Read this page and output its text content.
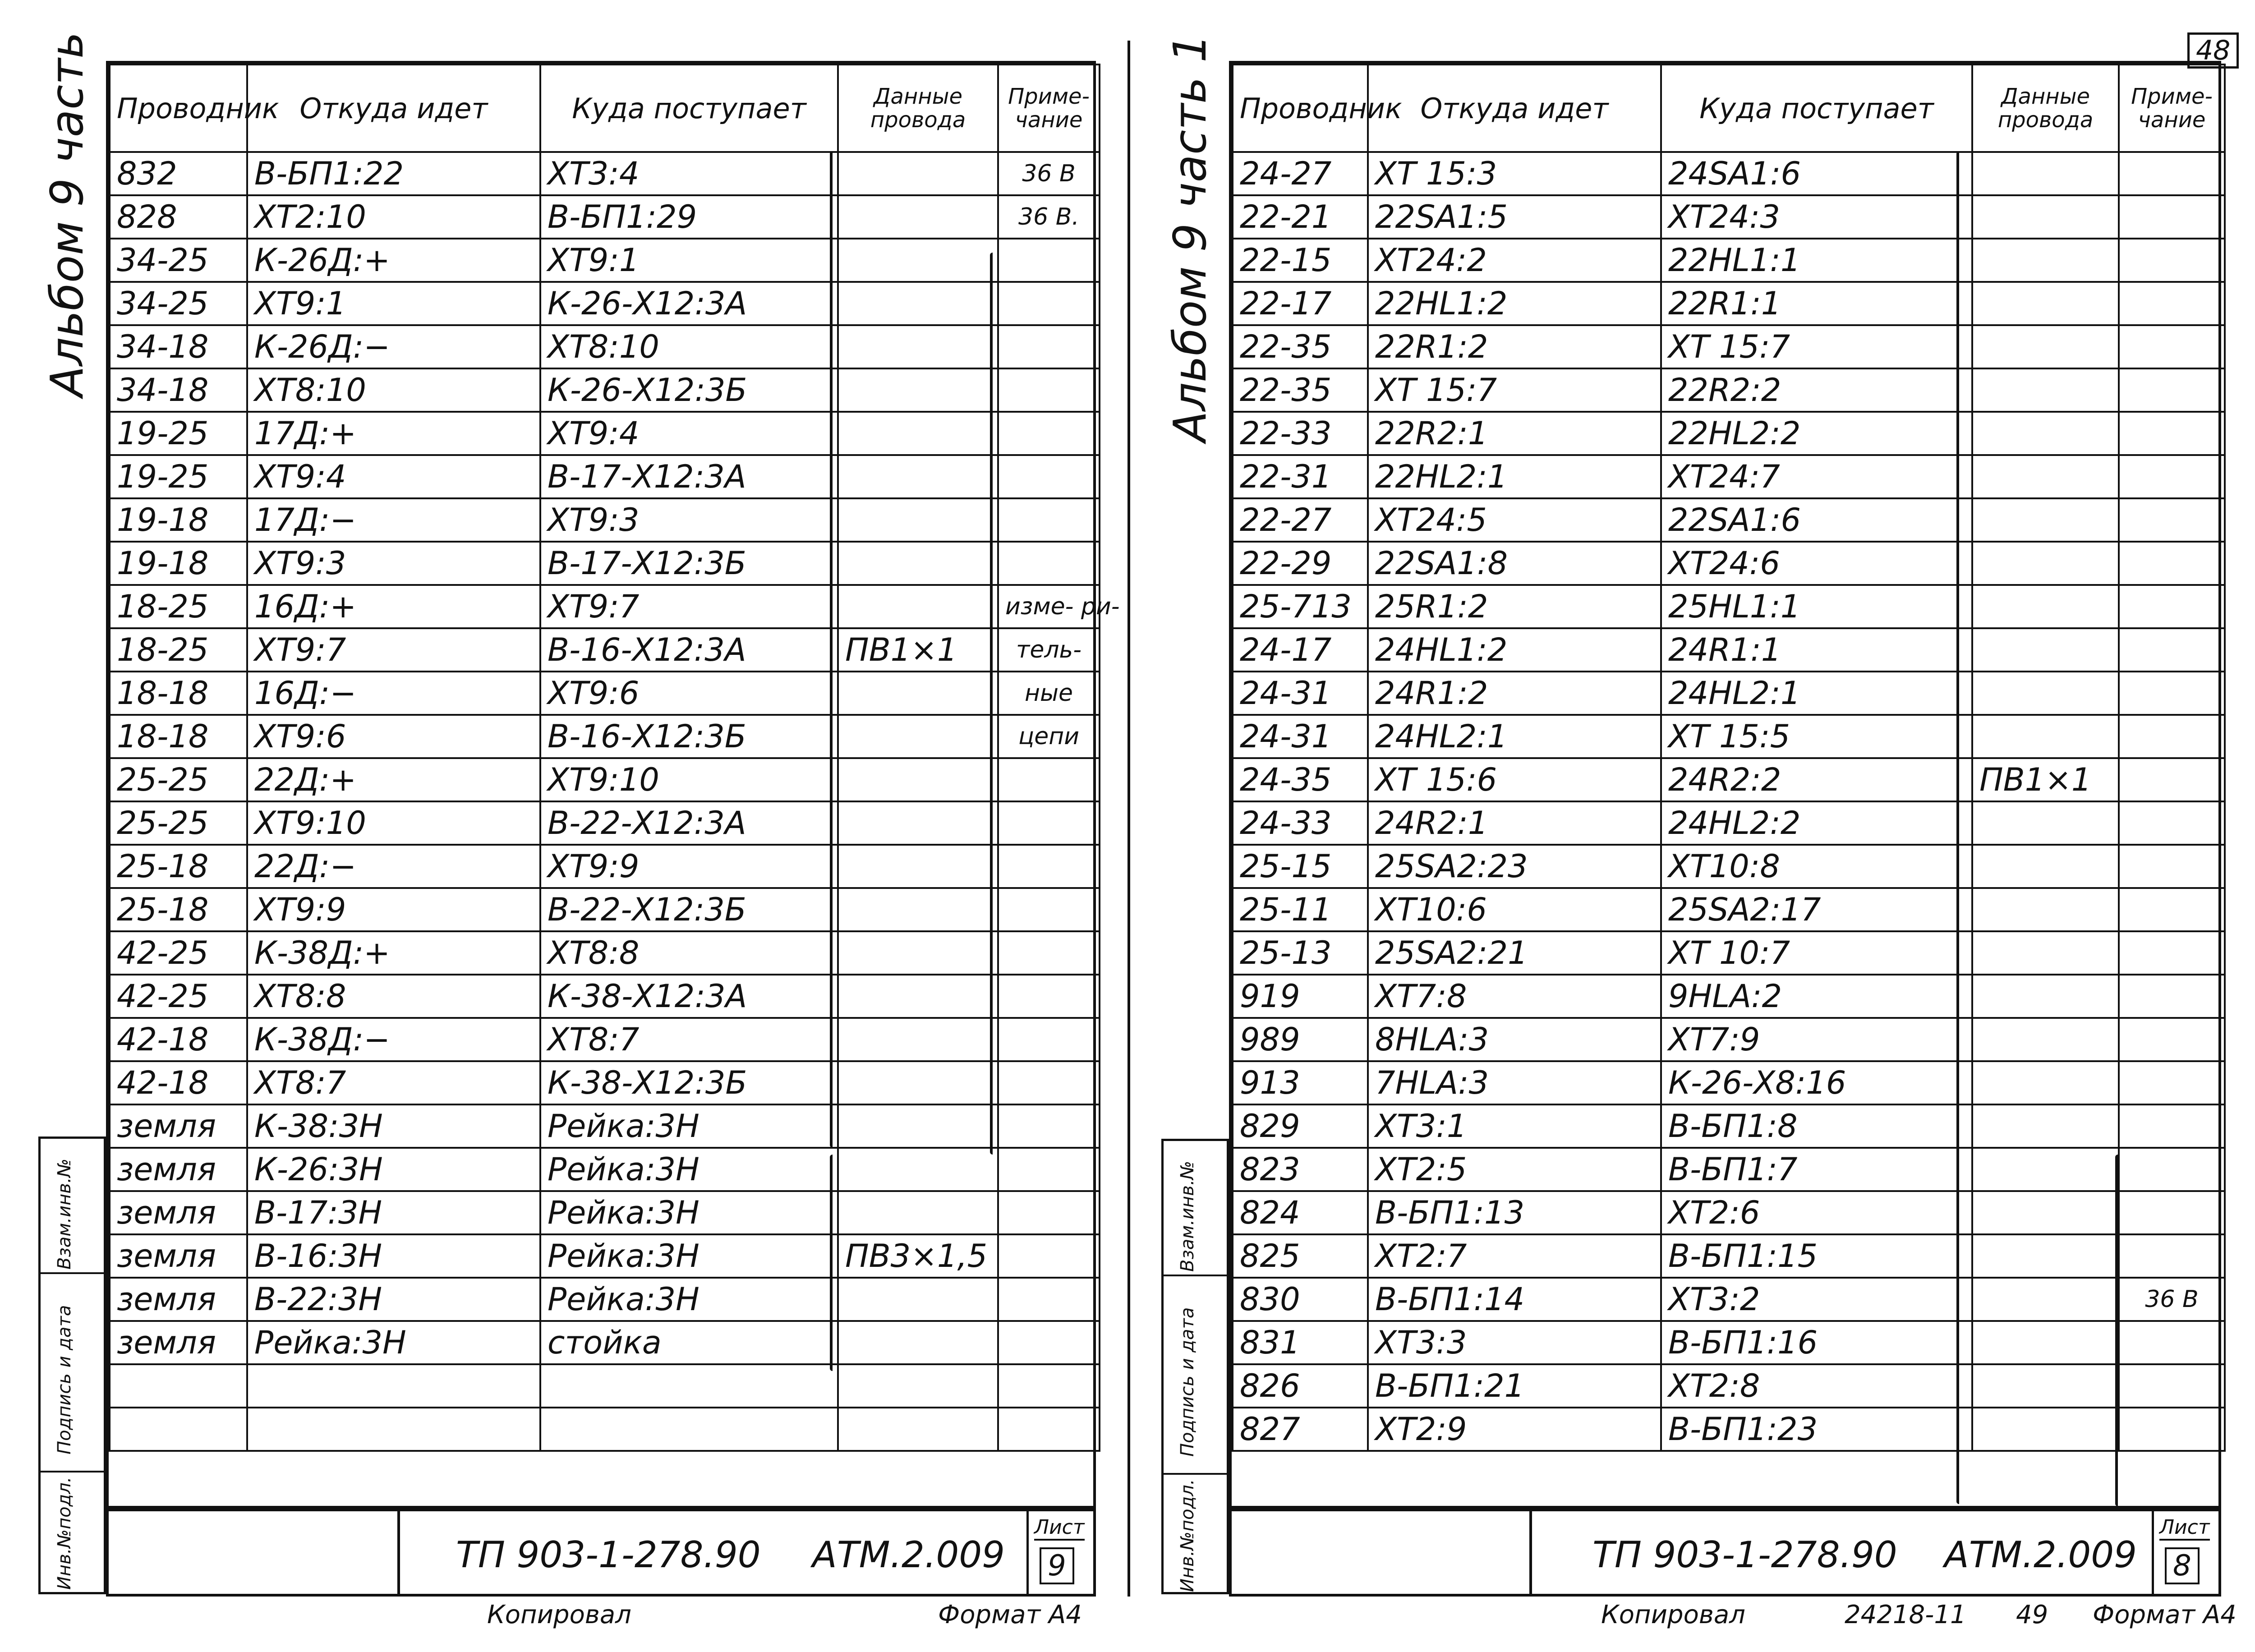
48
Альбом 9 часть
Взам.инв.№
Подпись и дата
Инв.№подл.
Проводник	Откуда идет	Куда поступает	Данные провода	Приме- чание
832	В-БП1:22	ХТ3:4		36 В
828	ХТ2:10	В-БП1:29		36 В.
34-25	К-26Д:+	ХТ9:1		
34-25	ХТ9:1	К-26-Х12:3А		
34-18	К-26Д:−	ХТ8:10		
34-18	ХТ8:10	К-26-Х12:3Б		
19-25	17Д:+	ХТ9:4		
19-25	ХТ9:4	В-17-Х12:3А		
19-18	17Д:−	ХТ9:3		
19-18	ХТ9:3	В-17-Х12:3Б		
18-25	16Д:+	ХТ9:7		изме- ри-
18-25	ХТ9:7	В-16-Х12:3А	ПВ1×1	тель-
18-18	16Д:−	ХТ9:6		ные
18-18	ХТ9:6	В-16-Х12:3Б		цепи
25-25	22Д:+	ХТ9:10		
25-25	ХТ9:10	В-22-Х12:3А		
25-18	22Д:−	ХТ9:9		
25-18	ХТ9:9	В-22-Х12:3Б		
42-25	К-38Д:+	ХТ8:8		
42-25	ХТ8:8	К-38-Х12:3А		
42-18	К-38Д:−	ХТ8:7		
42-18	ХТ8:7	К-38-Х12:3Б		
земля	К-38:3Н	Рейка:3Н		
земля	К-26:3Н	Рейка:3Н		
земля	В-17:3Н	Рейка:3Н		
земля	В-16:3Н	Рейка:3Н	ПВ3×1,5	
земля	В-22:3Н	Рейка:3Н		
земля	Рейка:3Н	стойка		

ТП 903-1-278.90 АТМ.2.009
Лист
9
Копировал	Формат А4
Альбом 9 часть 1
Взам.инв.№
Подпись и дата
Инв.№подл.
Проводник	Откуда идет	Куда поступает	Данные провода	Приме- чание
24-27	ХТ 15:3	24SА1:6		
22-21	22SА1:5	ХТ24:3		
22-15	ХТ24:2	22НL1:1		
22-17	22НL1:2	22R1:1		
22-35	22R1:2	ХТ 15:7		
22-35	ХТ 15:7	22R2:2		
22-33	22R2:1	22НL2:2		
22-31	22НL2:1	ХТ24:7		
22-27	ХТ24:5	22SА1:6		
22-29	22SА1:8	ХТ24:6		
25-713	25R1:2	25НL1:1		
24-17	24НL1:2	24R1:1		
24-31	24R1:2	24НL2:1		
24-31	24НL2:1	ХТ 15:5		
24-35	ХТ 15:6	24R2:2	ПВ1×1	
24-33	24R2:1	24НL2:2		
25-15	25SА2:23	ХТ10:8		
25-11	ХТ10:6	25SА2:17		
25-13	25SА2:21	ХТ 10:7		
919	ХТ7:8	9НLА:2		
989	8НLА:3	ХТ7:9		
913	7НLА:3	К-26-Х8:16		
829	ХТ3:1	В-БП1:8		
823	ХТ2:5	В-БП1:7		
824	В-БП1:13	ХТ2:6		
825	ХТ2:7	В-БП1:15		
830	В-БП1:14	ХТ3:2		36 В
831	ХТ3:3	В-БП1:16		
826	В-БП1:21	ХТ2:8		
827	ХТ2:9	В-БП1:23		
ТП 903-1-278.90 АТМ.2.009
Лист
8
Копировал	24218-11 49 Формат А4
